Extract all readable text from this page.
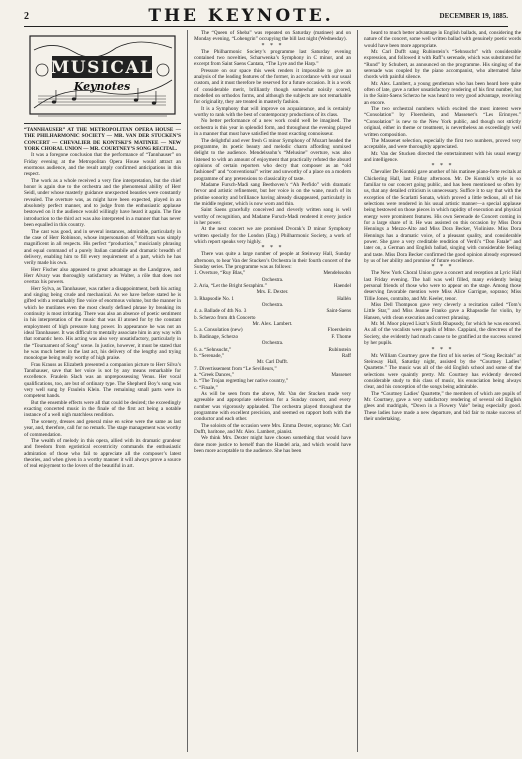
2	THE KEYNOTE.	DECEMBER 19, 1885.
MUSICAL
Keynotes

“TANNHAUSER” AT THE METROPOLITAN OPERA HOUSE — THE PHILHARMONIC SOCIETY — MR. VAN DER STUCKEN’S CONCERT — CHEVALIER DE KONTSKI’S MATINEE — NEW YORK CHORAL UNION — MR. COURTNEY’S SONG RECITAL.

It was a foregone conclusion that the performance of “Tannhauser” on Friday evening at the Metropolitan Opera House would attract an enormous audience, and the result amply confirmed anticipations in this respect.

The work as a whole received a very fine interpretation, but the chief honor is again due to the orchestra and the phenomenal ability of Herr Seidl, under whose masterly guidance unexpected beauties were constantly revealed. The overture was, as might have been expected, played in an absolutely perfect manner, and to judge from the enthusiastic applause bestowed on it the audience would willingly have heard it again. The fine introduction to the third act was also interpreted in a manner that has never been equalled in this country.

The cast was good, and in several instances, admirable, particularly in the case of Herr Robinson, whose impersonation of Wolfram was simply magnificent in all respects. His perfect “production,” musicianly phrasing and equal command of a purely Italian cantabile and dramatic breadth of delivery, enabling him to fill every requirement of a part, which he has verily made his own.

Herr Fischer also appeared to great advantage as the Landgrave, and Herr Alvary was thoroughly satisfactory as Walter, a rôle that does not overtax his powers.

Herr Sylva, as Tannhauser, was rather a disappointment, both his acting and singing being crude and mechanical. As we have before stated he is gifted with a remarkably fine voice of enormous volume, but the manner in which he mutilates even the most clearly defined phrase by breaking its continuity is most irritating. There was also an absence of poetic sentiment in his interpretation of the music that was ill atoned for by the constant employment of high pressure lung power. In appearance he was not an ideal Tannhauser. It was difficult to mentally associate him in any way with that romantic hero. His acting was also very unsatisfactory, particularly in the “Tournament of Song” scene. In justice, however, it must be stated that he was much better in the last act, his delivery of the lengthy and trying monologue being really worthy of high praise.

Frau Krauss as Elizabeth presented a companion picture to Herr Silva’s Tannhauser, save that her voice is not by any means remarkable for excellence. Fraulein Slach was an unprepossessing Venus. Her vocal qualifications, too, are but of ordinary type. The Shepherd Boy’s song was very well sung by Fraulein Klein. The remaining small parts were in competent hands.

But the ensemble effects were all that could be desired; the exceedingly exacting concerted music in the finale of the first act being a notable instance of a well nigh matchless rendition.

The scenery, dresses and general mise en scène were the same as last year, and, therefore, call for no remark. The stage management was worthy of commendation.

The wealth of melody in this opera, allied with its dramatic grandeur and freedom from egotistical eccentricity commands the enthusiastic admiration of those who fail to appreciate all the composer’s latest theories, and when given in a worthy manner it will always prove a source of real enjoyment to the lovers of the beautiful in art.

The “Queen of Sheba” was repeated on Saturday (matinee) and on Monday evening, “Lohengrin” occupying the bill last night (Wednesday).

* * *

The Philharmonic Society’s programme last Saturday evening contained two novelties, Scharwenka’s Symphony in C minor, and an excerpt from Saint Saens Cantata, “The Lyre and the Harp.”

Pressure on our space this week renders it impossible to give an analysis of the leading features of the former, in accordance with our usual custom, and it must therefore be reserved for a future occasion. It is a work of considerable merit, brilliantly though somewhat noisily scored, modelled on orthodox forms, and although the subjects are not remarkable for originality, they are treated in masterly fashion.

It is a Symphony that will improve on acquaintance, and is certainly worthy to rank with the best of contemporary productions of its class.

No better performance of a new work could well be imagined. The orchestra is this year in splendid form, and throughout the evening played in a manner that must have satisfied the most exacting connoisseur.

The delightful and ever fresh G minor Symphony of Mozart headed the programme, its poetic beauty and melodic charm affording unmixed delight to the audience. Mendelssohn’s “Melusine” overture, was also listened to with an amount of enjoyment that practically refuted the absurd opinions of certain reporters who decry that composer as an “old fashioned” and “conventional” writer and unworthy of a place on a modern programme of any pretensions to classicality of taste.

Madame Fursch-Madi sang Beethoven’s “Ah Perfido” with dramatic fervor and artistic refinement, but her voice is on the wane, much of its pristine sonority and brilliance having already disappeared, particularly in the middle register, which is now worn and thin.

Saint Saens gracefully conceived and cleverly written song is well worthy of recognition, and Madame Fursch-Madi rendered it every justice in her power.

At the next concert we are promised Dvorak’s D minor Symphony written specially for the London (Eng.) Philharmonic Society, a work of which report speaks very highly.

* * *

There was quite a large number of people at Steinway Hall, Sunday afternoon, to hear Van der Stucken’s Orchestra in their fourth concert of the Sunday series. The programme was as follows:

1. Overture, “Ruy Blas,”	Mendelssohn

Orchestra.

2. Aria, “Let the Bright Seraphim.”	Haendel

Mrs. E. Dexter.

3. Rhapsodie No. 1	Hallén

Orchestra.

4. a. Ballade of 4th No. 3	Saint-Saens
b. Scherzo from 4th Concerto

Mr. Alex. Lambert.

5. a. Consolation (new)	Floersheim
b. Badinage, Scherzo	F. Thome

Orchestra.

6. a. “Sehnsucht,”	Rubinstein
b. “Serenade,”	Raff

Mr. Carl Dufft.

7. Divertissement from “Le Sevilleurs,”
a. “Greek Dances,”	Massenet
b. “The Trojan regretting her native country,”
c. “Finale,”

As will be seen from the above, Mr. Van der Stucken made very agreeable and appropriate selections for a Sunday concert, and every number was vigorously applauded. The orchestra played throughout the programme with excellent precision, and seemed en rapport both with the conductor and each other.

The soloists of the occasion were Mrs. Emma Dexter, soprano; Mr. Carl Dufft, baritone, and Mr. Alex. Lambert, pianist.

We think Mrs. Dexter might have chosen something that would have done more justice to herself than the Handel aria, and which would have been more acceptable to the audience. She has been

heard to much better advantage in English ballads, and, considering the nature of the concert, some well written ballad with genuinely poetic words would have been more appropriate.

Mr. Carl Dufft sang Rubinstein’s “Sehnsucht” with considerable expression, and followed it with Raff’s serenade, which was substituted for “Rund” by Schubert, as announced on the programme. His singing of the serenade was coupled by the piano accompanist, who alternated false chords with painful silence.

Mr. Alex. Lambert, a young gentleman who has been heard here quite often of late, gave a rather unsatisfactory rendering of his first number, but in the Saint-Saens Scherzo he was heard to very good advantage, receiving an encore.

The two orchestral numbers which excited the most interest were “Consolation” by Floersheim, and Massenet’s “Les Erinnyes.” “Consolation” is new to the New York public, and though not strictly original, either in theme or treatment, is nevertheless an exceedingly well written composition.

The Massenet selection, especially the first two numbers, proved very acceptable, and were thoroughly appreciated.

Mr. Van der Stucken directed the entertainment with his usual energy and intelligence.

* * *

Chevalier De Kontski gave another of his matinee piano-forte recitals at Chickering Hall, last Friday afternoon. Mr. De Kontski’s style is so familiar to our concert going public, and has been mentioned so often by us, that any detailed criticism is unnecessary. Suffice it to say that with the exception of the Scarlatti Sonata, which proved a little tedious, all of his selections were rendered in his usual artistic manner—a special applause being bestowed on those pieces in which rapidity of execution and physical energy were prominent features. His own Serenade de Concert coming in for a large share of it. He was assisted on this occasion by Miss Dora Hennings a Mezzo-Alto and Miss Dora Becker, Violiniste. Miss Dora Hennings has a dramatic voice, of a pleasant quality, and considerable power. She gave a very creditable rendition of Verdi’s “Don Fatale” and later on, a German and English ballad, singing with considerable feeling and taste. Miss Dora Becker confirmed the good opinion already expressed by us of her ability and promise of future excellence.

* * *

The New York Choral Union gave a concert and reception at Lyric Hall last Friday evening. The hall was well filled, many evidently being personal friends of those who were to appear on the stage. Among those deserving favorable mention were Miss Alice Garrigue, soprano; Miss Tillie Jones, contralto, and Mr. Keeler, tenor.

Miss Dell Thompson gave very cleverly a recitation called “Tom’s Little Star,” and Miss Jeanne Franko gave a Rhapsodie for violin, by Hansen, with clean execution and correct phrasing.

Mr. M. Moor played Liszt’s Sixth Rhapsody, for which he was encored. As all of the vocalists were pupils of Mme. Cappiani, the directress of the Society, she evidently had much cause to be gratified at the success scored by her pupils.

* * *

Mr. William Courtney gave the first of his series of “Song Recitals” at Steinway Hall, Saturday night, assisted by the “Courtney Ladies’ Quartette.” The music was all of the old English school and some of the selections were quaintly pretty. Mr. Courtney has evidently devoted considerable study to this class of music, his enunciation being always clear, and his conception of the songs being admirable.

The “Courtney Ladies’ Quartette,” the members of which are pupils of Mr. Courtney, gave a very satisfactory rendering of several old English glees and madrigals, “Down in a Flowery Vale” being especially good. These ladies have made a new departure, and bid fair to make success of their undertaking.
